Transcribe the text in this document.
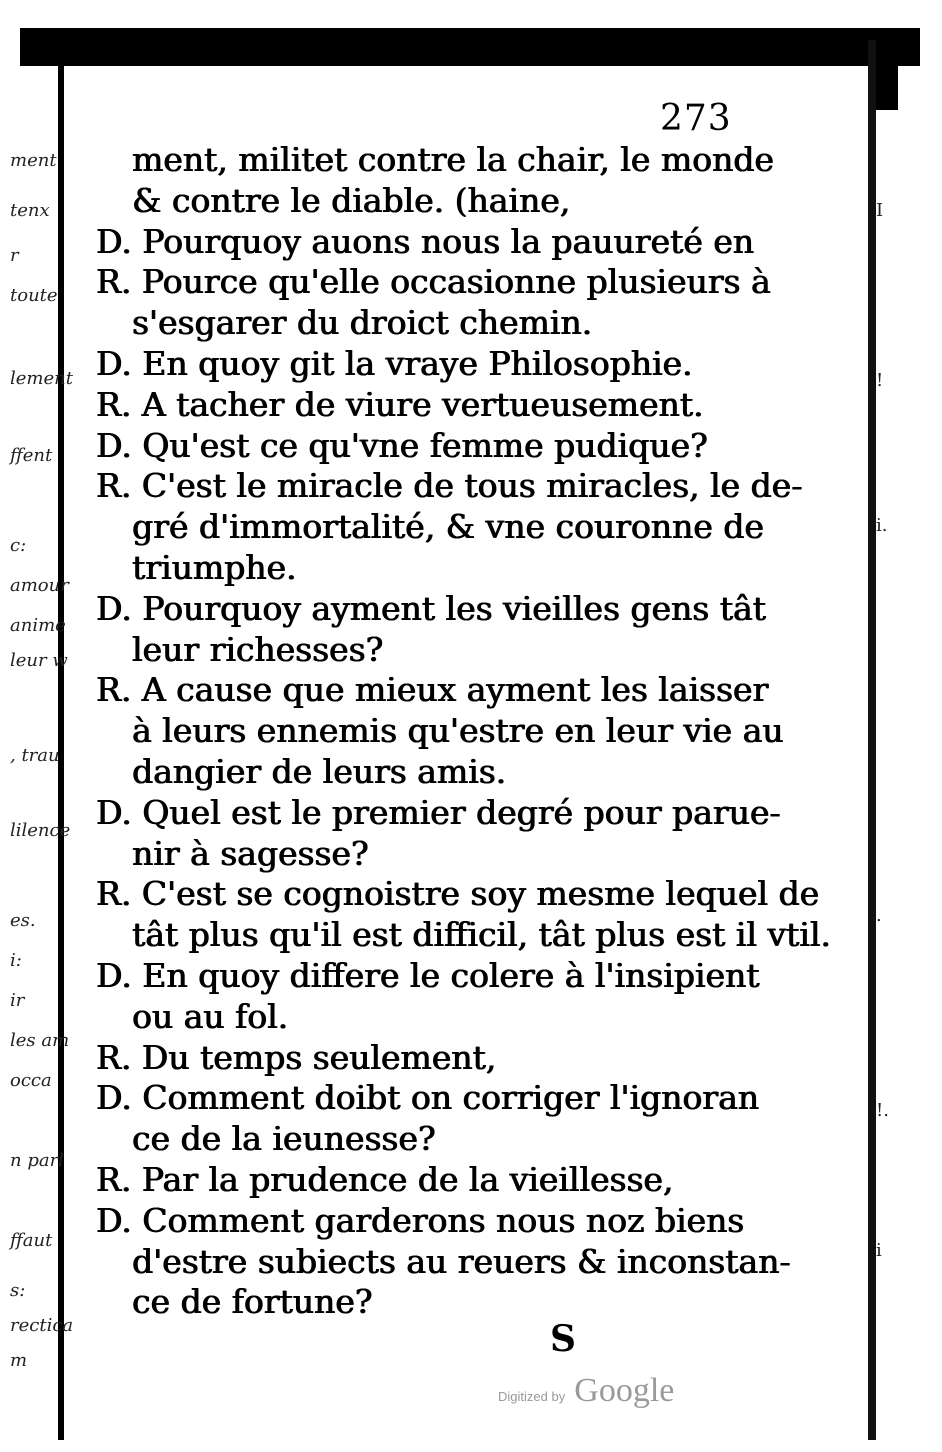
ment
tenx
r
toute
lement
ffent
c:
amour
anime
leur w
, trau
lilence
es.
i:
ir
les am
occa
n parl
ffaut
s:
rectica
m
I
!
i.
.
!.
i
273
ment, militet contre la chair, le monde
& contre le diable. (haine,
D. Pourquoy auons nous la pauureté en
R. Pource qu'elle occasionne plusieurs à
s'esgarer du droict chemin.
D. En quoy git la vraye Philosophie.
R. A tacher de viure vertueusement.
D. Qu'est ce qu'vne femme pudique?
R. C'est le miracle de tous miracles, le de-
gré d'immortalité, & vne couronne de
triumphe.
D. Pourquoy ayment les vieilles gens tât
leur richesses?
R. A cause que mieux ayment les laisser
à leurs ennemis qu'estre en leur vie au
dangier de leurs amis.
D. Quel est le premier degré pour parue-
nir à sagesse?
R. C'est se cognoistre soy mesme lequel de
tât plus qu'il est difficil, tât plus est il vtil.
D. En quoy differe le colere à l'insipient
ou au fol.
R. Du temps seulement,
D. Comment doibt on corriger l'ignoran
ce de la ieunesse?
R. Par la prudence de la vieillesse,
D. Comment garderons nous noz biens
d'estre subiects au reuers & inconstan-
ce de fortune?
S
Digitized by Google
